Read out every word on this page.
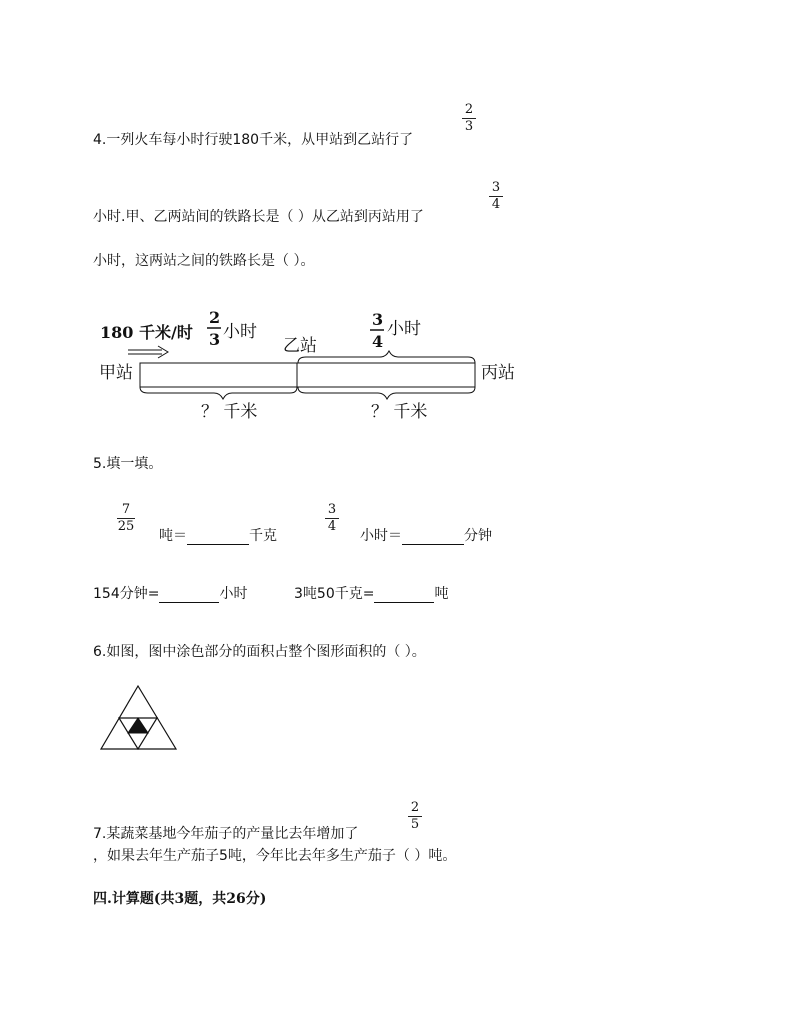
4.一列火车每小时行驶180千米，从甲站到乙站行了
2
3
小时.甲、乙两站间的铁路长是（ ）从乙站到丙站用了
3
4
小时，这两站之间的铁路长是（ ）。
180 千米/时
2
3 小时
3
4
小时
乙站
甲站	丙站
？ 千米	？ 千米
5.填一填。
7
25
吨＝	千克
3
4
小时＝	分钟
154分钟=	小时	3吨50千克=	吨
6.如图，图中涂色部分的面积占整个图形面积的（ ）。
2
5
7.某蔬菜基地今年茄子的产量比去年增加了
，如果去年生产茄子5吨，今年比去年多生产茄子（ ）吨。
四.计算题(共3题，共26分)
